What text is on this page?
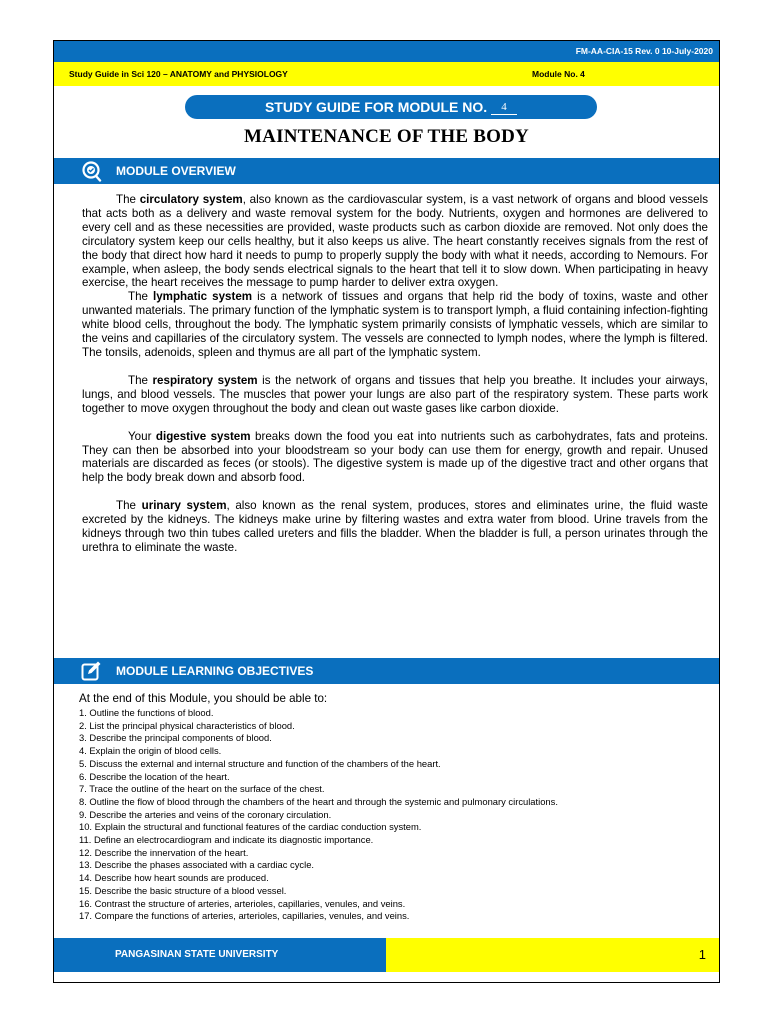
FM-AA-CIA-15 Rev. 0 10-July-2020
Study Guide in Sci 120 – ANATOMY and PHYSIOLOGY	Module No. 4
STUDY GUIDE FOR MODULE NO. 4
MAINTENANCE OF THE BODY
MODULE OVERVIEW

The circulatory system, also known as the cardiovascular system, is a vast network of organs and blood vessels that acts both as a delivery and waste removal system for the body. Nutrients, oxygen and hormones are delivered to every cell and as these necessities are provided, waste products such as carbon dioxide are removed. Not only does the circulatory system keep our cells healthy, but it also keeps us alive. The heart constantly receives signals from the rest of the body that direct how hard it needs to pump to properly supply the body with what it needs, according to Nemours. For example, when asleep, the body sends electrical signals to the heart that tell it to slow down. When participating in heavy exercise, the heart receives the message to pump harder to deliver extra oxygen.

The lymphatic system is a network of tissues and organs that help rid the body of toxins, waste and other unwanted materials. The primary function of the lymphatic system is to transport lymph, a fluid containing infection-fighting white blood cells, throughout the body. The lymphatic system primarily consists of lymphatic vessels, which are similar to the veins and capillaries of the circulatory system. The vessels are connected to lymph nodes, where the lymph is filtered. The tonsils, adenoids, spleen and thymus are all part of the lymphatic system.

The respiratory system is the network of organs and tissues that help you breathe. It includes your airways, lungs, and blood vessels. The muscles that power your lungs are also part of the respiratory system. These parts work together to move oxygen throughout the body and clean out waste gases like carbon dioxide.

Your digestive system breaks down the food you eat into nutrients such as carbohydrates, fats and proteins. They can then be absorbed into your bloodstream so your body can use them for energy, growth and repair. Unused materials are discarded as feces (or stools). The digestive system is made up of the digestive tract and other organs that help the body break down and absorb food.

The urinary system, also known as the renal system, produces, stores and eliminates urine, the fluid waste excreted by the kidneys. The kidneys make urine by filtering wastes and extra water from blood. Urine travels from the kidneys through two thin tubes called ureters and fills the bladder. When the bladder is full, a person urinates through the urethra to eliminate the waste.

MODULE LEARNING OBJECTIVES
At the end of this Module, you should be able to:
1. Outline the functions of blood.
2. List the principal physical characteristics of blood.
3. Describe the principal components of blood.
4. Explain the origin of blood cells.
5. Discuss the external and internal structure and function of the chambers of the heart.
6. Describe the location of the heart.
7. Trace the outline of the heart on the surface of the chest.
8. Outline the flow of blood through the chambers of the heart and through the systemic and pulmonary circulations.
9. Describe the arteries and veins of the coronary circulation.
10. Explain the structural and functional features of the cardiac conduction system.
11. Define an electrocardiogram and indicate its diagnostic importance.
12. Describe the innervation of the heart.
13. Describe the phases associated with a cardiac cycle.
14. Describe how heart sounds are produced.
15. Describe the basic structure of a blood vessel.
16. Contrast the structure of arteries, arterioles, capillaries, venules, and veins.
17. Compare the functions of arteries, arterioles, capillaries, venules, and veins.
PANGASINAN STATE UNIVERSITY	1
